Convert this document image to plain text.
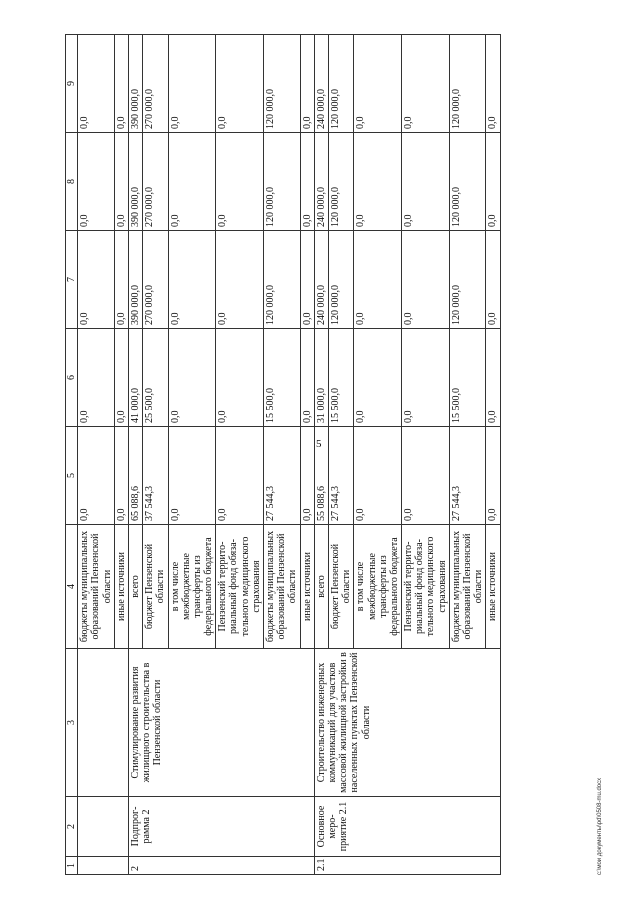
5
1	2	3	4	5	6	7	8	9
			бюджеты муниципальных образований Пензенской области	0,0	0,0	0,0	0,0	0,0
			иные источники	0,0	0,0	0,0	0,0	0,0
2	Подпрог-рамма 2	Стимулирование развития жилищного строительства в Пензенской области	всего	65 088,6	41 000,0	390 000,0	390 000,0	390 000,0
			бюджет Пензенской области	37 544,3	25 500,0	270 000,0	270 000,0	270 000,0
			в том числе межбюджетные трансферты из федерального бюджета	0,0	0,0	0,0	0,0	0,0
			Пензенский террито-риальный фонд обяза-тельного медицинского страхования	0,0	0,0	0,0	0,0	0,0
			бюджеты муниципальных образований Пензенской области	27 544,3	15 500,0	120 000,0	120 000,0	120 000,0
			иные источники	0,0	0,0	0,0	0,0	0,0
2.1	Основное меро-приятие 2.1	Строительство инженерных коммуникаций для участков массовой жилищной застройки в населенных пунктах Пензенской области	всего	55 088,6	31 000,0	240 000,0	240 000,0	240 000,0
			бюджет Пензенской области	27 544,3	15 500,0	120 000,0	120 000,0	120 000,0
			в том числе межбюджетные трансферты из федерального бюджета	0,0	0,0	0,0	0,0	0,0
			Пензенский террито-риальный фонд обяза-тельного медицинского страхования	0,0	0,0	0,0	0,0	0,0
			бюджеты муниципальных образований Пензенской области	27 544,3	15 500,0	120 000,0	120 000,0	120 000,0
			иные источники	0,0	0,0	0,0	0,0	0,0
c:\мои документы\pd\0508-mu.docx
